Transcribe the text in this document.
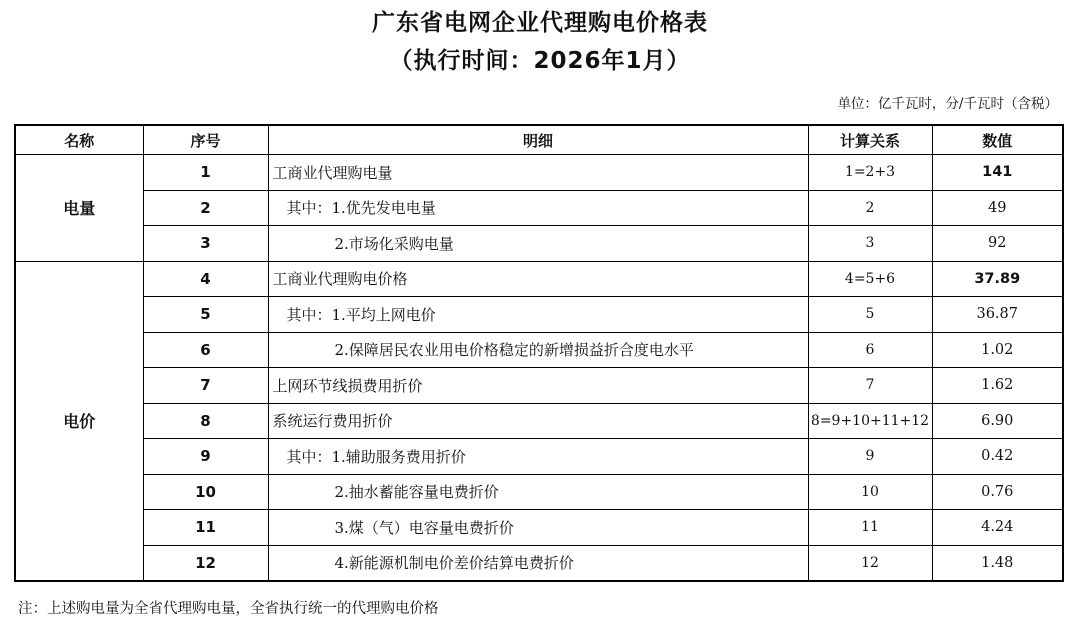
广东省电网企业代理购电价格表
（执行时间：2026年1月）
单位：亿千瓦时，分/千瓦时（含税）
名称	序号	明细	计算关系	数值
电量	1	工商业代理购电量	1=2+3	141
	2	其中：1.优先发电电量	2	49
	3	2.市场化采购电量	3	92
电价	4	工商业代理购电价格	4=5+6	37.89
	5	其中：1.平均上网电价	5	36.87
	6	2.保障居民农业用电价格稳定的新增损益折合度电水平	6	1.02
	7	上网环节线损费用折价	7	1.62
	8	系统运行费用折价	8=9+10+11+12	6.90
	9	其中：1.辅助服务费用折价	9	0.42
	10	2.抽水蓄能容量电费折价	10	0.76
	11	3.煤（气）电容量电费折价	11	4.24
	12	4.新能源机制电价差价结算电费折价	12	1.48
注：上述购电量为全省代理购电量，全省执行统一的代理购电价格
